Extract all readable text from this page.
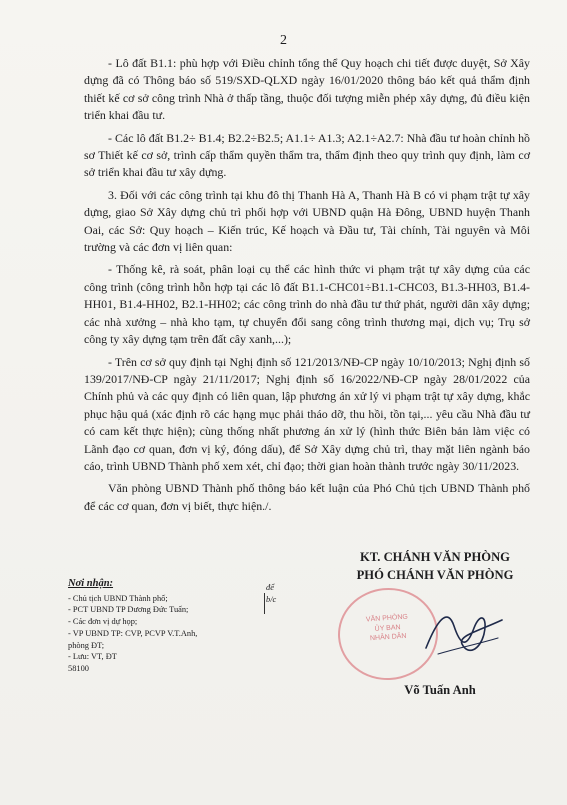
2

- Lô đất B1.1: phù hợp với Điều chỉnh tổng thể Quy hoạch chi tiết được duyệt, Sở Xây dựng đã có Thông báo số 519/SXD-QLXD ngày 16/01/2020 thông báo kết quả thẩm định thiết kế cơ sở công trình Nhà ở thấp tầng, thuộc đối tượng miễn phép xây dựng, đủ điều kiện triển khai đầu tư.

- Các lô đất B1.2÷ B1.4; B2.2÷B2.5; A1.1÷ A1.3; A2.1÷A2.7: Nhà đầu tư hoàn chỉnh hồ sơ Thiết kế cơ sở, trình cấp thẩm quyền thẩm tra, thẩm định theo quy trình quy định, làm cơ sở triển khai đầu tư xây dựng.

3. Đối với các công trình tại khu đô thị Thanh Hà A, Thanh Hà B có vi phạm trật tự xây dựng, giao Sở Xây dựng chủ trì phối hợp với UBND quận Hà Đông, UBND huyện Thanh Oai, các Sở: Quy hoạch – Kiến trúc, Kế hoạch và Đầu tư, Tài chính, Tài nguyên và Môi trường và các đơn vị liên quan:

- Thống kê, rà soát, phân loại cụ thể các hình thức vi phạm trật tự xây dựng của các công trình (công trình hỗn hợp tại các lô đất B1.1-CHC01÷B1.1-CHC03, B1.3-HH03, B1.4-HH01, B1.4-HH02, B2.1-HH02; các công trình do nhà đầu tư thứ phát, người dân xây dựng; các nhà xưởng – nhà kho tạm, tự chuyển đổi sang công trình thương mại, dịch vụ; Trụ sở công ty xây dựng tạm trên đất cây xanh,...);

- Trên cơ sở quy định tại Nghị định số 121/2013/NĐ-CP ngày 10/10/2013; Nghị định số 139/2017/NĐ-CP ngày 21/11/2017; Nghị định số 16/2022/NĐ-CP ngày 28/01/2022 của Chính phủ và các quy định có liên quan, lập phương án xử lý vi phạm trật tự xây dựng, khắc phục hậu quả (xác định rõ các hạng mục phải tháo dỡ, thu hồi, tồn tại,... yêu cầu Nhà đầu tư có cam kết thực hiện); cùng thống nhất phương án xử lý (hình thức Biên bản làm việc có Lãnh đạo cơ quan, đơn vị ký, đóng dấu), để Sở Xây dựng chủ trì, thay mặt liên ngành báo cáo, trình UBND Thành phố xem xét, chỉ đạo; thời gian hoàn thành trước ngày 30/11/2023.

Văn phòng UBND Thành phố thông báo kết luận của Phó Chủ tịch UBND Thành phố để các cơ quan, đơn vị biết, thực hiện./.

Nơi nhận:	để b/c
- Chủ tịch UBND Thành phố;
- PCT UBND TP Dương Đức Tuấn;
- Các đơn vị dự họp;
- VP UBND TP: CVP, PCVP V.T.Anh,
phòng ĐT;
- Lưu: VT, ĐT
58100
KT. CHÁNH VĂN PHÒNG
PHÓ CHÁNH VĂN PHÒNG
VĂN PHÒNG
ỦY BAN
NHÂN DÂN
Võ Tuấn Anh
